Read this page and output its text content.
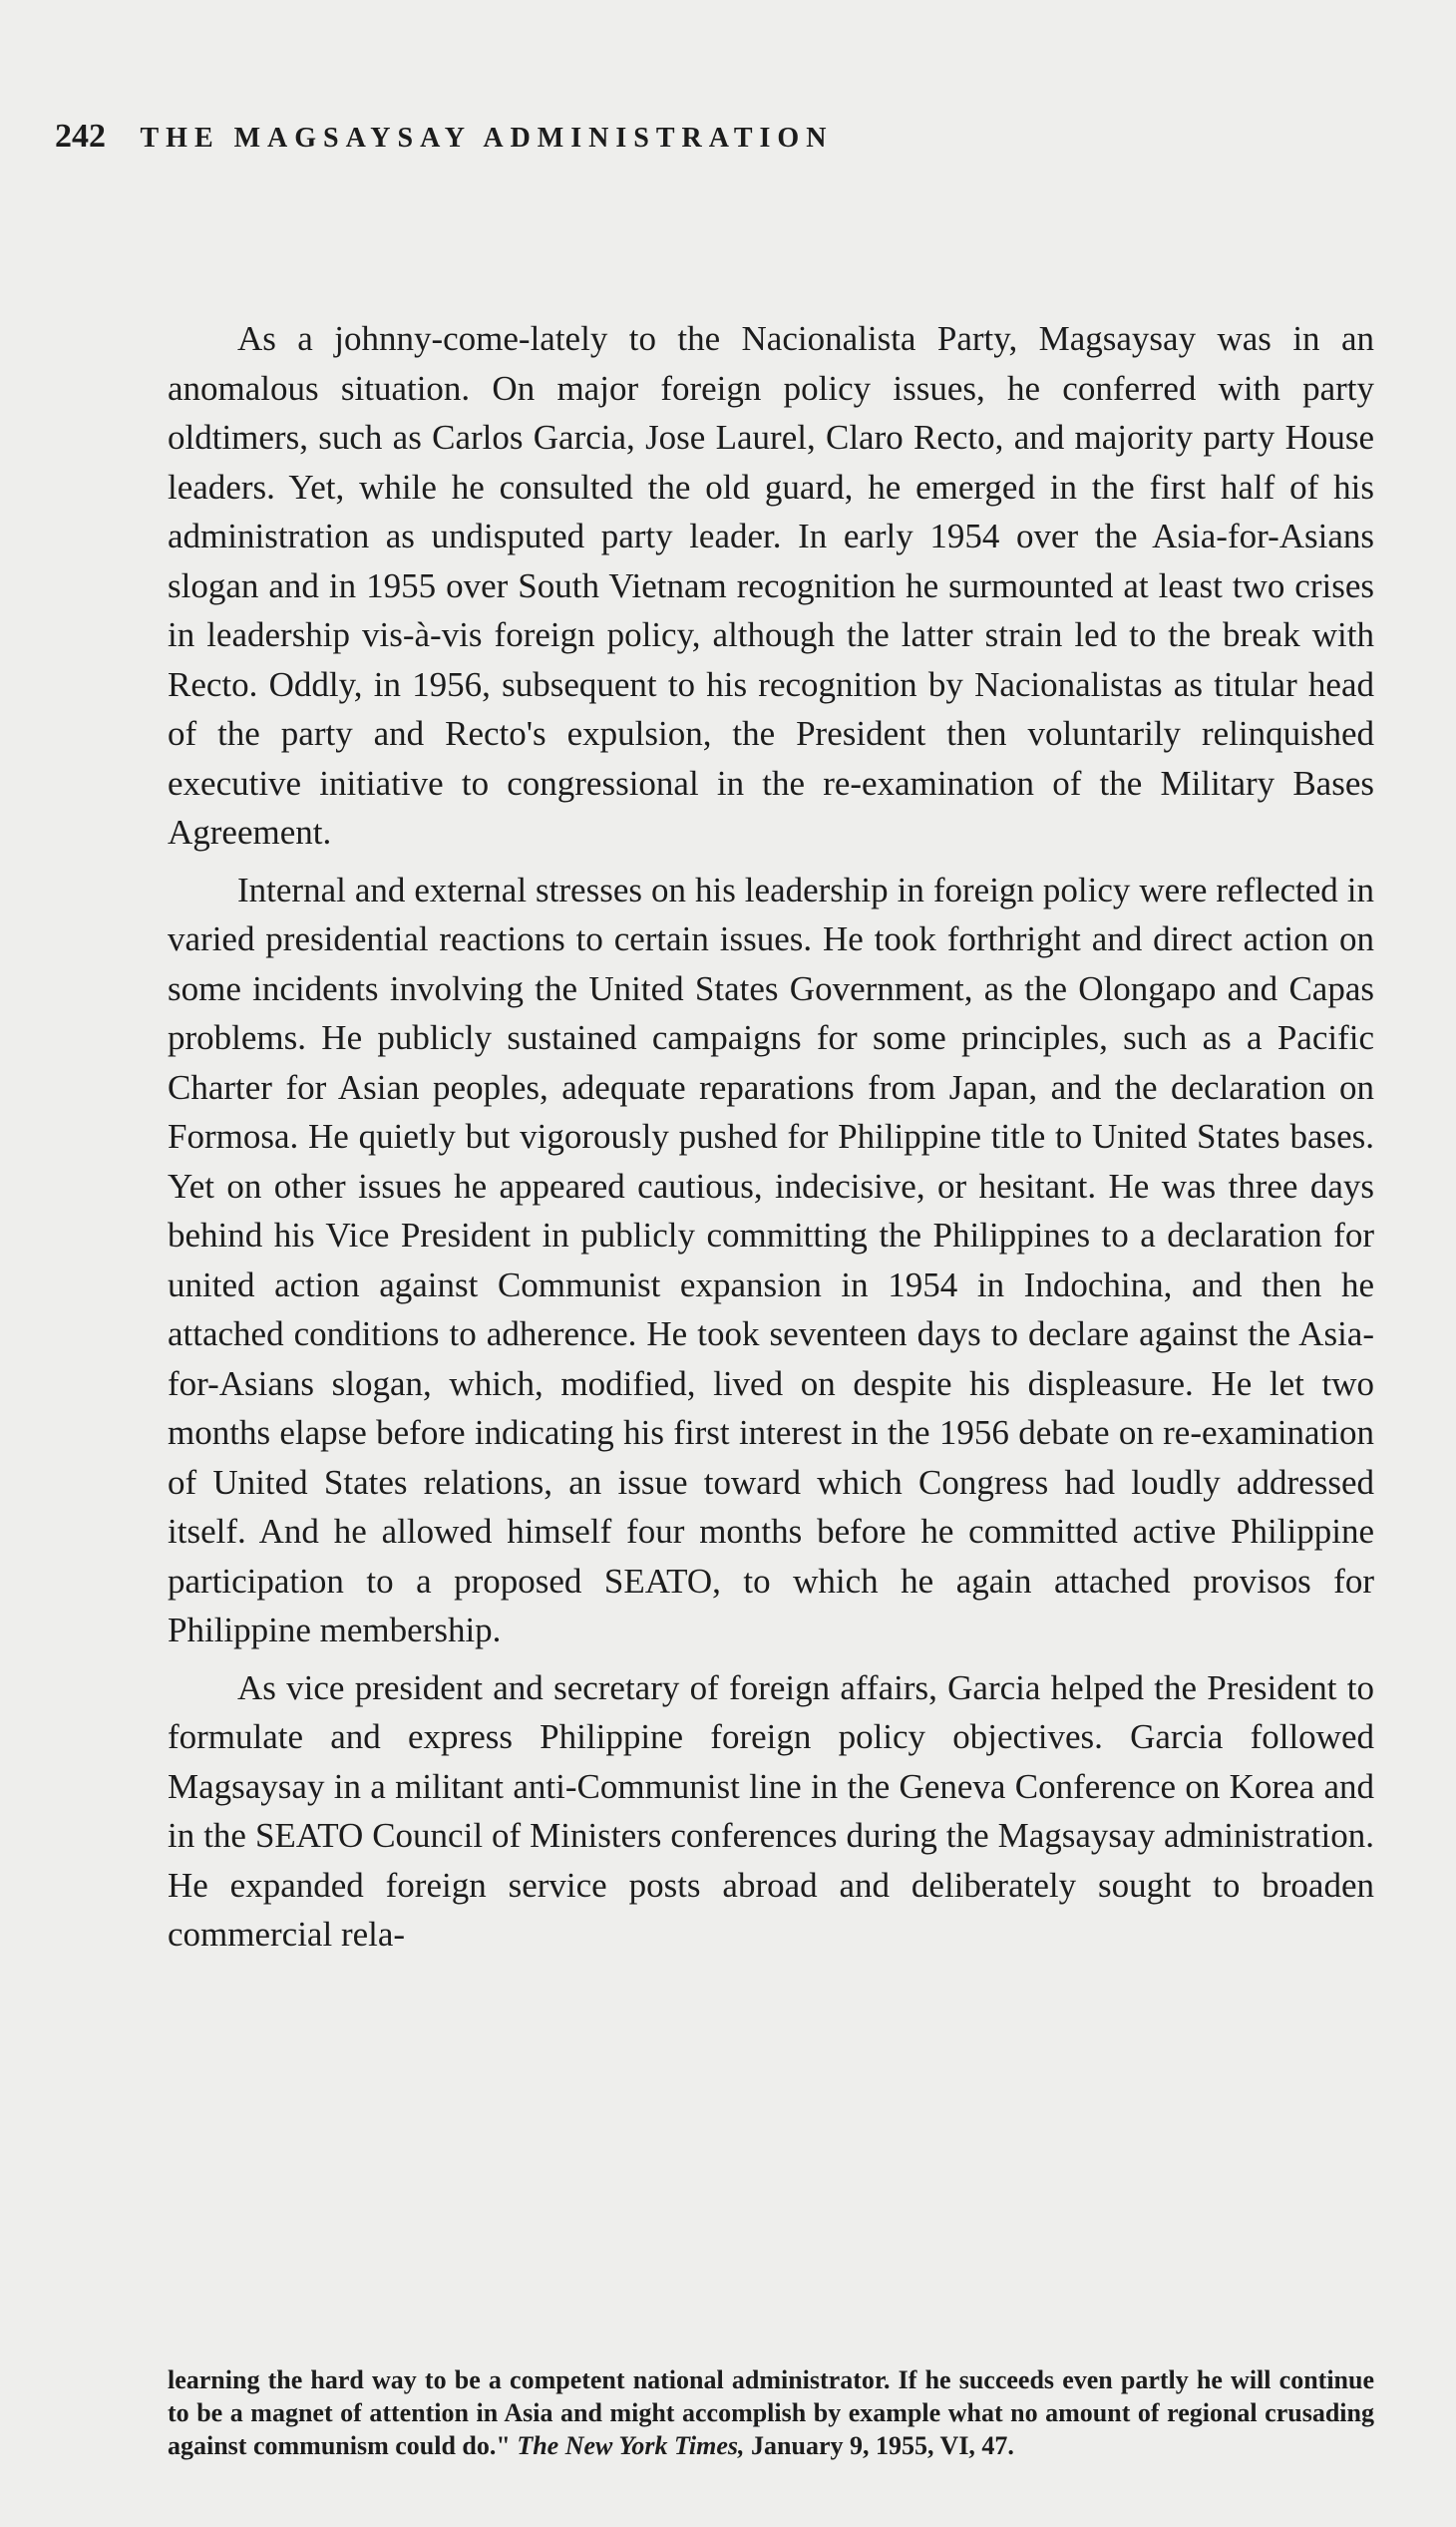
242 THE MAGSAYSAY ADMINISTRATION

As a johnny-come-lately to the Nacionalista Party, Magsaysay was in an anomalous situation. On major foreign policy issues, he conferred with party oldtimers, such as Carlos Garcia, Jose Laurel, Claro Recto, and majority party House leaders. Yet, while he consulted the old guard, he emerged in the first half of his administration as undisputed party leader. In early 1954 over the Asia-for-Asians slogan and in 1955 over South Vietnam recognition he surmounted at least two crises in leadership vis-à-vis foreign policy, although the latter strain led to the break with Recto. Oddly, in 1956, subsequent to his recognition by Nacionalistas as titular head of the party and Recto's expulsion, the President then voluntarily relinquished executive initiative to congressional in the re-examination of the Military Bases Agreement.

Internal and external stresses on his leadership in foreign policy were reflected in varied presidential reactions to certain issues. He took forthright and direct action on some incidents involving the United States Government, as the Olongapo and Capas problems. He publicly sustained campaigns for some principles, such as a Pacific Charter for Asian peoples, adequate reparations from Japan, and the declaration on Formosa. He quietly but vigorously pushed for Philippine title to United States bases. Yet on other issues he appeared cautious, indecisive, or hesitant. He was three days behind his Vice President in publicly committing the Philippines to a declaration for united action against Communist expansion in 1954 in Indochina, and then he attached conditions to adherence. He took seventeen days to declare against the Asia-for-Asians slogan, which, modified, lived on despite his displeasure. He let two months elapse before indicating his first interest in the 1956 debate on re-examination of United States relations, an issue toward which Congress had loudly addressed itself. And he allowed himself four months before he committed active Philippine participation to a proposed SEATO, to which he again attached provisos for Philippine membership.

As vice president and secretary of foreign affairs, Garcia helped the President to formulate and express Philippine foreign policy objectives. Garcia followed Magsaysay in a militant anti-Communist line in the Geneva Conference on Korea and in the SEATO Council of Ministers conferences during the Magsaysay administration. He expanded foreign service posts abroad and deliberately sought to broaden commercial rela-

learning the hard way to be a competent national administrator. If he succeeds even partly he will continue to be a magnet of attention in Asia and might accomplish by example what no amount of regional crusading against communism could do." The New York Times, January 9, 1955, VI, 47.
